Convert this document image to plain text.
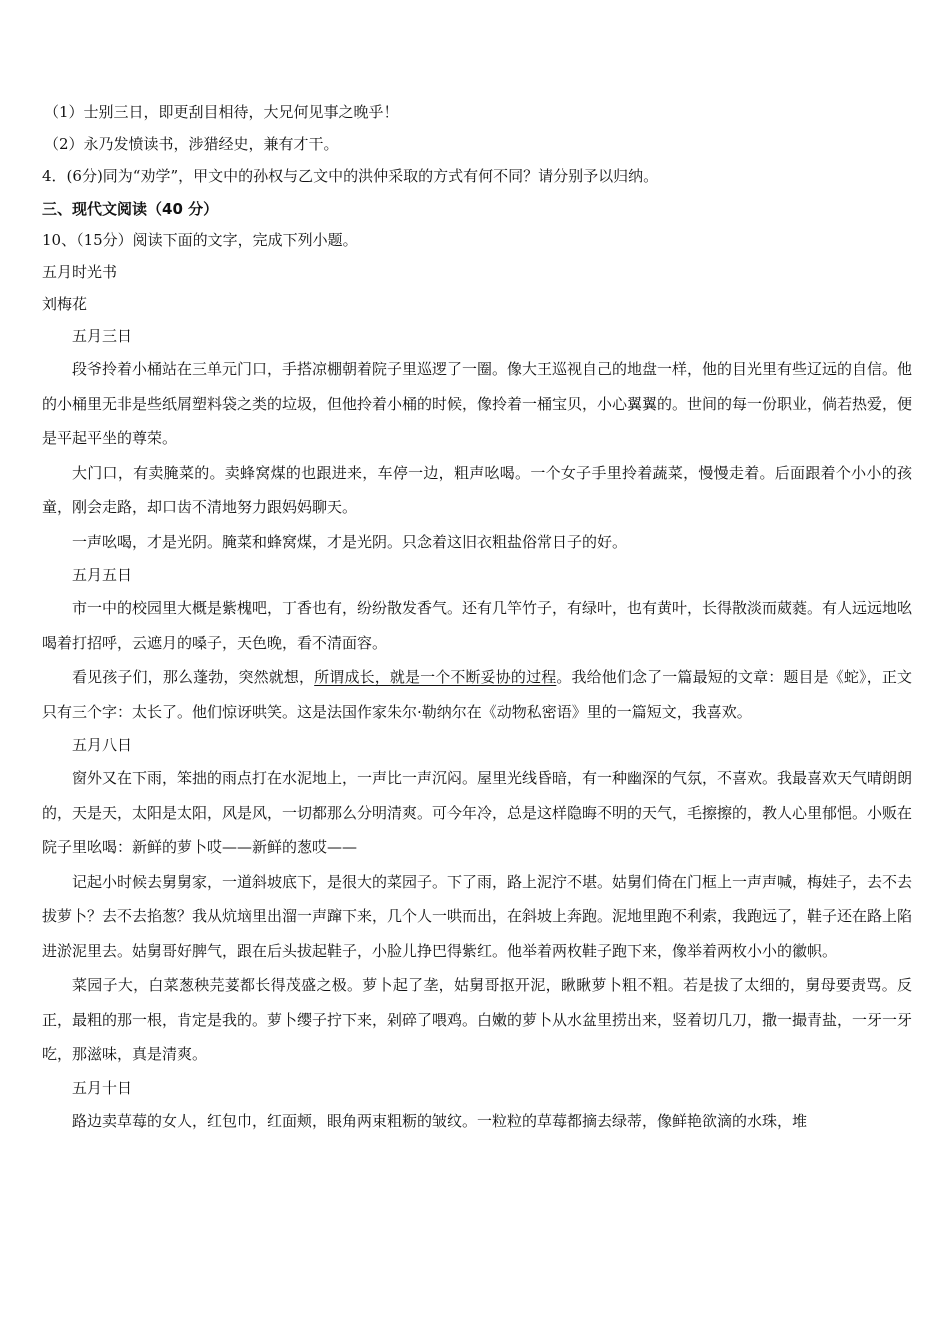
（1）士别三日，即更刮目相待，大兄何见事之晚乎！
（2）永乃发愤读书，涉猎经史，兼有才干。
4．(6分)同为“劝学”，甲文中的孙权与乙文中的洪仲采取的方式有何不同？请分别予以归纳。
三、现代文阅读（40 分）
10、（15分）阅读下面的文字，完成下列小题。
五月时光书
刘梅花
五月三日

段爷拎着小桶站在三单元门口，手搭凉棚朝着院子里巡逻了一圈。像大王巡视自己的地盘一样，他的目光里有些辽远的自信。他的小桶里无非是些纸屑塑料袋之类的垃圾，但他拎着小桶的时候，像拎着一桶宝贝，小心翼翼的。世间的每一份职业，倘若热爱，便是平起平坐的尊荣。

大门口，有卖腌菜的。卖蜂窝煤的也跟进来，车停一边，粗声吆喝。一个女子手里拎着蔬菜，慢慢走着。后面跟着个小小的孩童，刚会走路，却口齿不清地努力跟妈妈聊天。

一声吆喝，才是光阴。腌菜和蜂窝煤，才是光阴。只念着这旧衣粗盐俗常日子的好。

五月五日

市一中的校园里大概是紫槐吧，丁香也有，纷纷散发香气。还有几竿竹子，有绿叶，也有黄叶，长得散淡而葳蕤。有人远远地吆喝着打招呼，云遮月的嗓子，天色晚，看不清面容。

看见孩子们，那么蓬勃，突然就想，所谓成长，就是一个不断妥协的过程。我给他们念了一篇最短的文章：题目是《蛇》，正文只有三个字：太长了。他们惊讶哄笑。这是法国作家朱尔·勒纳尔在《动物私密语》里的一篇短文，我喜欢。

五月八日

窗外又在下雨，笨拙的雨点打在水泥地上，一声比一声沉闷。屋里光线昏暗，有一种幽深的气氛，不喜欢。我最喜欢天气晴朗朗的，天是天，太阳是太阳，风是风，一切都那么分明清爽。可今年冷，总是这样隐晦不明的天气，毛擦擦的，教人心里郁悒。小贩在院子里吆喝：新鲜的萝卜哎——新鲜的葱哎——

记起小时候去舅舅家，一道斜坡底下，是很大的菜园子。下了雨，路上泥泞不堪。姑舅们倚在门框上一声声喊，梅娃子，去不去拔萝卜？去不去掐葱？我从炕垴里出溜一声蹿下来，几个人一哄而出，在斜坡上奔跑。泥地里跑不利索，我跑远了，鞋子还在路上陷进淤泥里去。姑舅哥好脾气，跟在后头拔起鞋子，小脸儿挣巴得紫红。他举着两枚鞋子跑下来，像举着两枚小小的徽帜。

菜园子大，白菜葱秧芫荽都长得茂盛之极。萝卜起了垄，姑舅哥抠开泥，瞅瞅萝卜粗不粗。若是拔了太细的，舅母要责骂。反正，最粗的那一根，肯定是我的。萝卜缨子拧下来，剁碎了喂鸡。白嫩的萝卜从水盆里捞出来，竖着切几刀，撒一撮青盐，一牙一牙吃，那滋味，真是清爽。

五月十日

路边卖草莓的女人，红包巾，红面颊，眼角两束粗粝的皱纹。一粒粒的草莓都摘去绿蒂，像鲜艳欲滴的水珠，堆
